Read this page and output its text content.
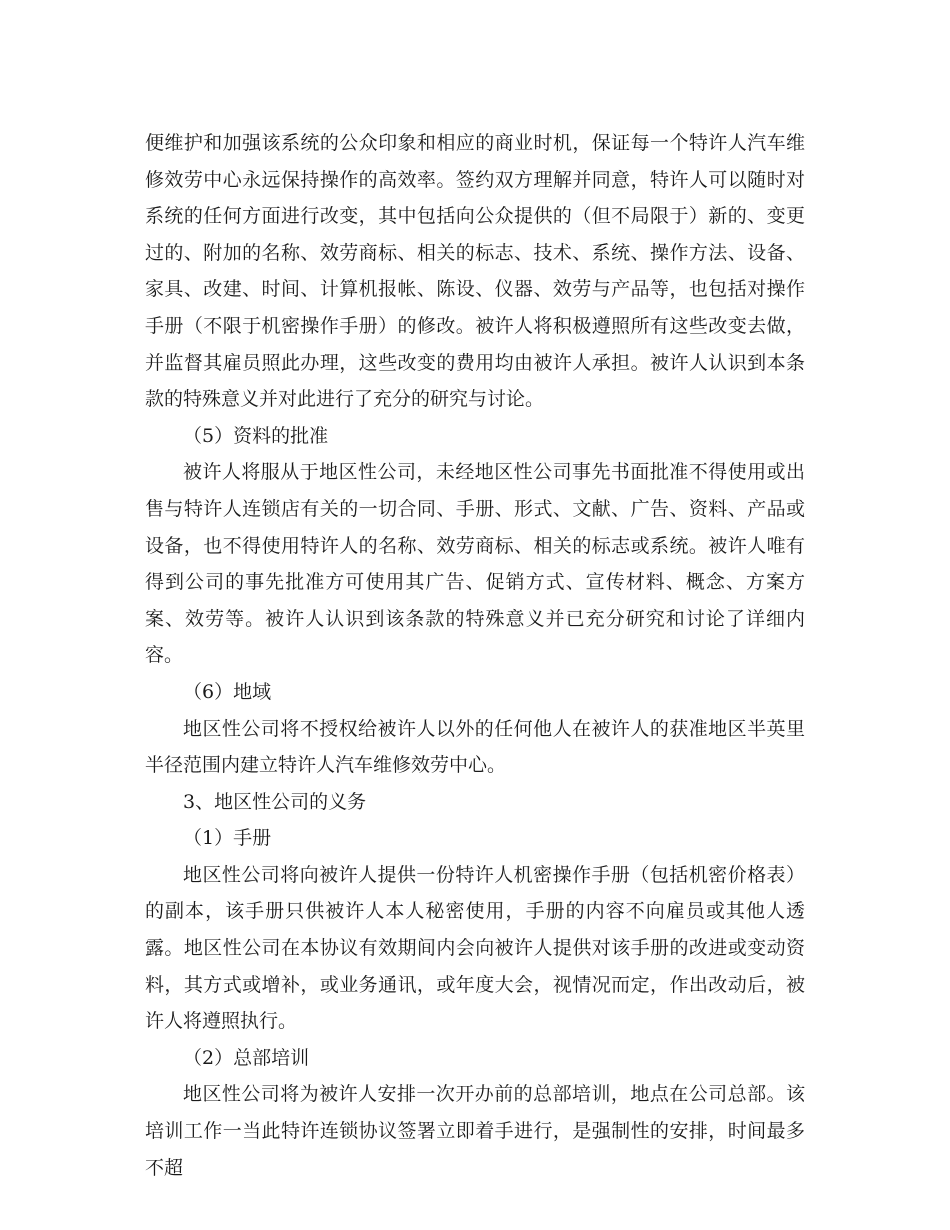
便维护和加强该系统的公众印象和相应的商业时机，保证每一个特许人汽车维修效劳中心永远保持操作的高效率。签约双方理解并同意，特许人可以随时对系统的任何方面进行改变，其中包括向公众提供的（但不局限于）新的、变更过的、附加的名称、效劳商标、相关的标志、技术、系统、操作方法、设备、家具、改建、时间、计算机报帐、陈设、仪器、效劳与产品等，也包括对操作手册（不限于机密操作手册）的修改。被许人将积极遵照所有这些改变去做，并监督其雇员照此办理，这些改变的费用均由被许人承担。被许人认识到本条款的特殊意义并对此进行了充分的研究与讨论。

（5）资料的批准

被许人将服从于地区性公司，未经地区性公司事先书面批准不得使用或出售与特许人连锁店有关的一切合同、手册、形式、文献、广告、资料、产品或设备，也不得使用特许人的名称、效劳商标、相关的标志或系统。被许人唯有得到公司的事先批准方可使用其广告、促销方式、宣传材料、概念、方案方案、效劳等。被许人认识到该条款的特殊意义并已充分研究和讨论了详细内容。

（6）地域

地区性公司将不授权给被许人以外的任何他人在被许人的获准地区半英里半径范围内建立特许人汽车维修效劳中心。

3、地区性公司的义务

（1）手册

地区性公司将向被许人提供一份特许人机密操作手册（包括机密价格表）的副本，该手册只供被许人本人秘密使用，手册的内容不向雇员或其他人透露。地区性公司在本协议有效期间内会向被许人提供对该手册的改进或变动资料，其方式或增补，或业务通讯，或年度大会，视情况而定，作出改动后，被许人将遵照执行。

（2）总部培训

地区性公司将为被许人安排一次开办前的总部培训，地点在公司总部。该培训工作一当此特许连锁协议签署立即着手进行，是强制性的安排，时间最多不超
